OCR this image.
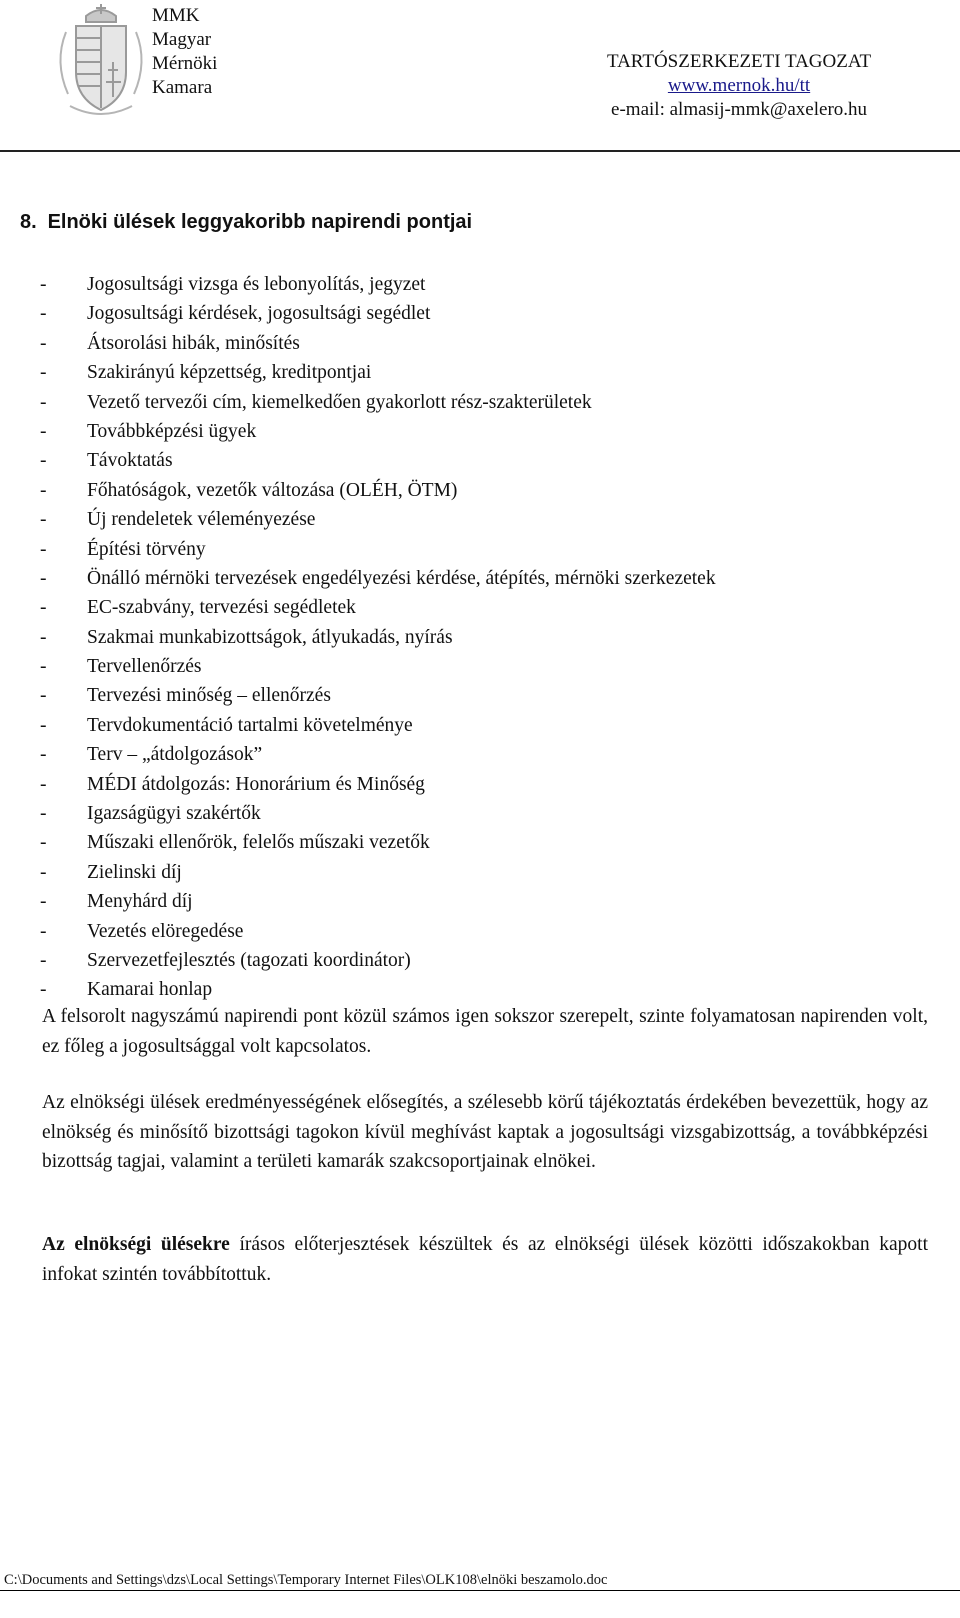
MMK
Magyar
Mérnöki
Kamara
TARTÓSZERKEZETI TAGOZAT
www.mernok.hu/tt
e-mail: almasij-mmk@axelero.hu
8. Elnöki ülések leggyakoribb napirendi pontjai
- Jogosultsági vizsga és lebonyolítás, jegyzet
- Jogosultsági kérdések, jogosultsági segédlet
- Átsorolási hibák, minősítés
- Szakirányú képzettség, kreditpontjai
- Vezető tervezői cím, kiemelkedően gyakorlott rész-szakterületek
- Továbbképzési ügyek
- Távoktatás
- Főhatóságok, vezetők változása (OLÉH, ÖTM)
- Új rendeletek véleményezése
- Építési törvény
- Önálló mérnöki tervezések engedélyezési kérdése, átépítés, mérnöki szerkezetek
- EC-szabvány, tervezési segédletek
- Szakmai munkabizottságok, átlyukadás, nyírás
- Tervellenőrzés
- Tervezési minőség – ellenőrzés
- Tervdokumentáció tartalmi követelménye
- Terv – „átdolgozások”
- MÉDI átdolgozás: Honorárium és Minőség
- Igazságügyi szakértők
- Műszaki ellenőrök, felelős műszaki vezetők
- Zielinski díj
- Menyhárd díj
- Vezetés elöregedése
- Szervezetfejlesztés (tagozati koordinátor)
- Kamarai honlap
A felsorolt nagyszámú napirendi pont közül számos igen sokszor szerepelt, szinte folyamatosan napirenden volt, ez főleg a jogosultsággal volt kapcsolatos.
Az elnökségi ülések eredményességének elősegítés, a szélesebb körű tájékoztatás érdekében bevezettük, hogy az elnökség és minősítő bizottsági tagokon kívül meghívást kaptak a jogosultsági vizsgabizottság, a továbbképzési bizottság tagjai, valamint a területi kamarák szakcsoportjainak elnökei.
Az elnökségi ülésekre írásos előterjesztések készültek és az elnökségi ülések közötti időszakokban kapott infokat szintén továbbítottuk.
C:\Documents and Settings\dzs\Local Settings\Temporary Internet Files\OLK108\elnöki beszamolo.doc
